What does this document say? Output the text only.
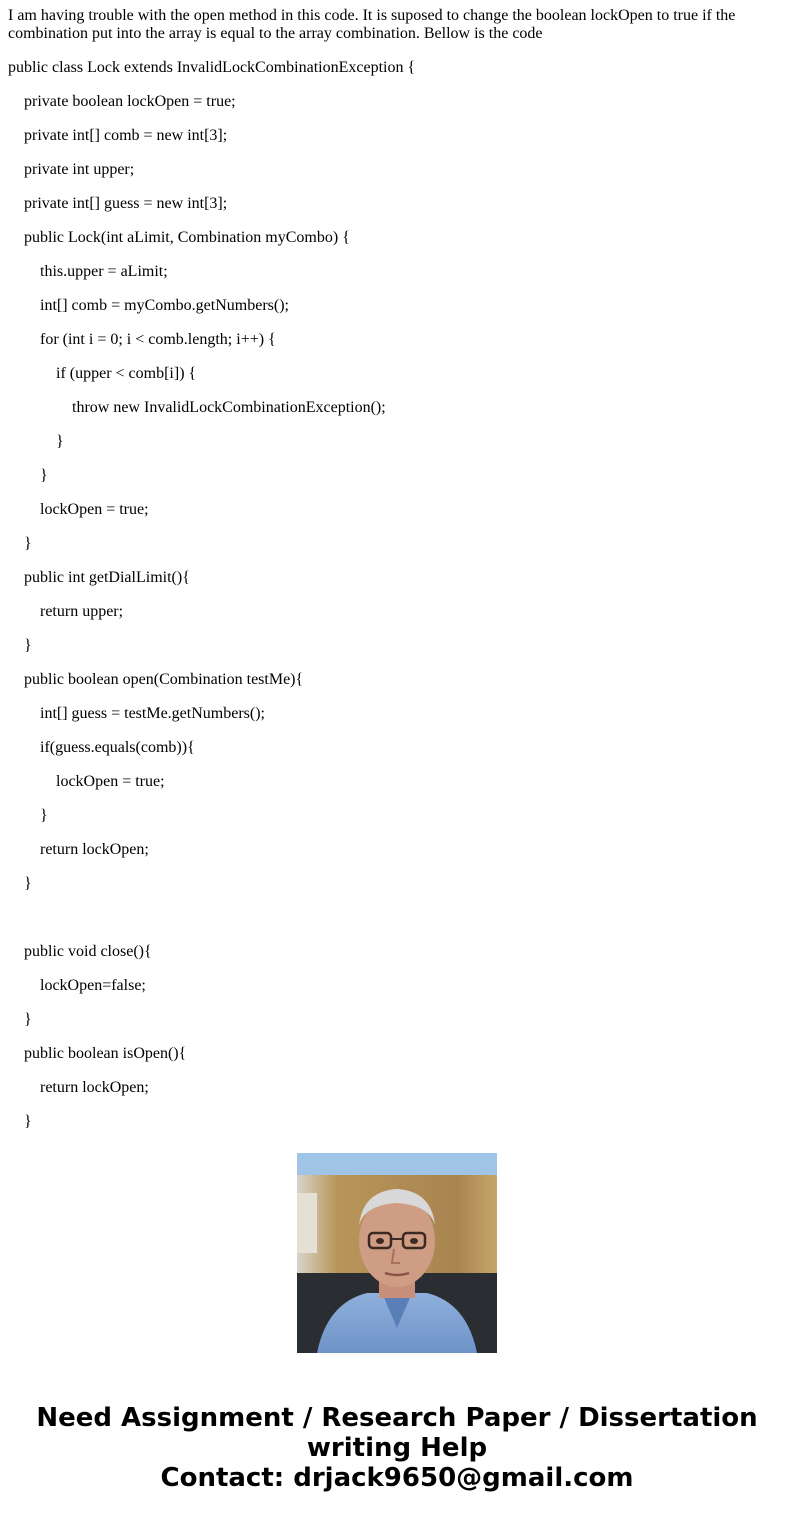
I am having trouble with the open method in this code. It is suposed to change the boolean lockOpen to true if the combination put into the array is equal to the array combination. Bellow is the code

public class Lock extends InvalidLockCombinationException {
private boolean lockOpen = true;
private int[] comb = new int[3];
private int upper;
private int[] guess = new int[3];
public Lock(int aLimit, Combination myCombo) {
this.upper = aLimit;
int[] comb = myCombo.getNumbers();
for (int i = 0; i < comb.length; i++) {
if (upper < comb[i]) {
throw new InvalidLockCombinationException();
}
}
lockOpen = true;
}
public int getDialLimit(){
return upper;
}
public boolean open(Combination testMe){
int[] guess = testMe.getNumbers();
if(guess.equals(comb)){
lockOpen = true;
}
return lockOpen;
}
public void close(){
lockOpen=false;
}
public boolean isOpen(){
return lockOpen;
}
Need Assignment / Research Paper / Dissertation
writing Help
Contact: drjack9650@gmail.com
